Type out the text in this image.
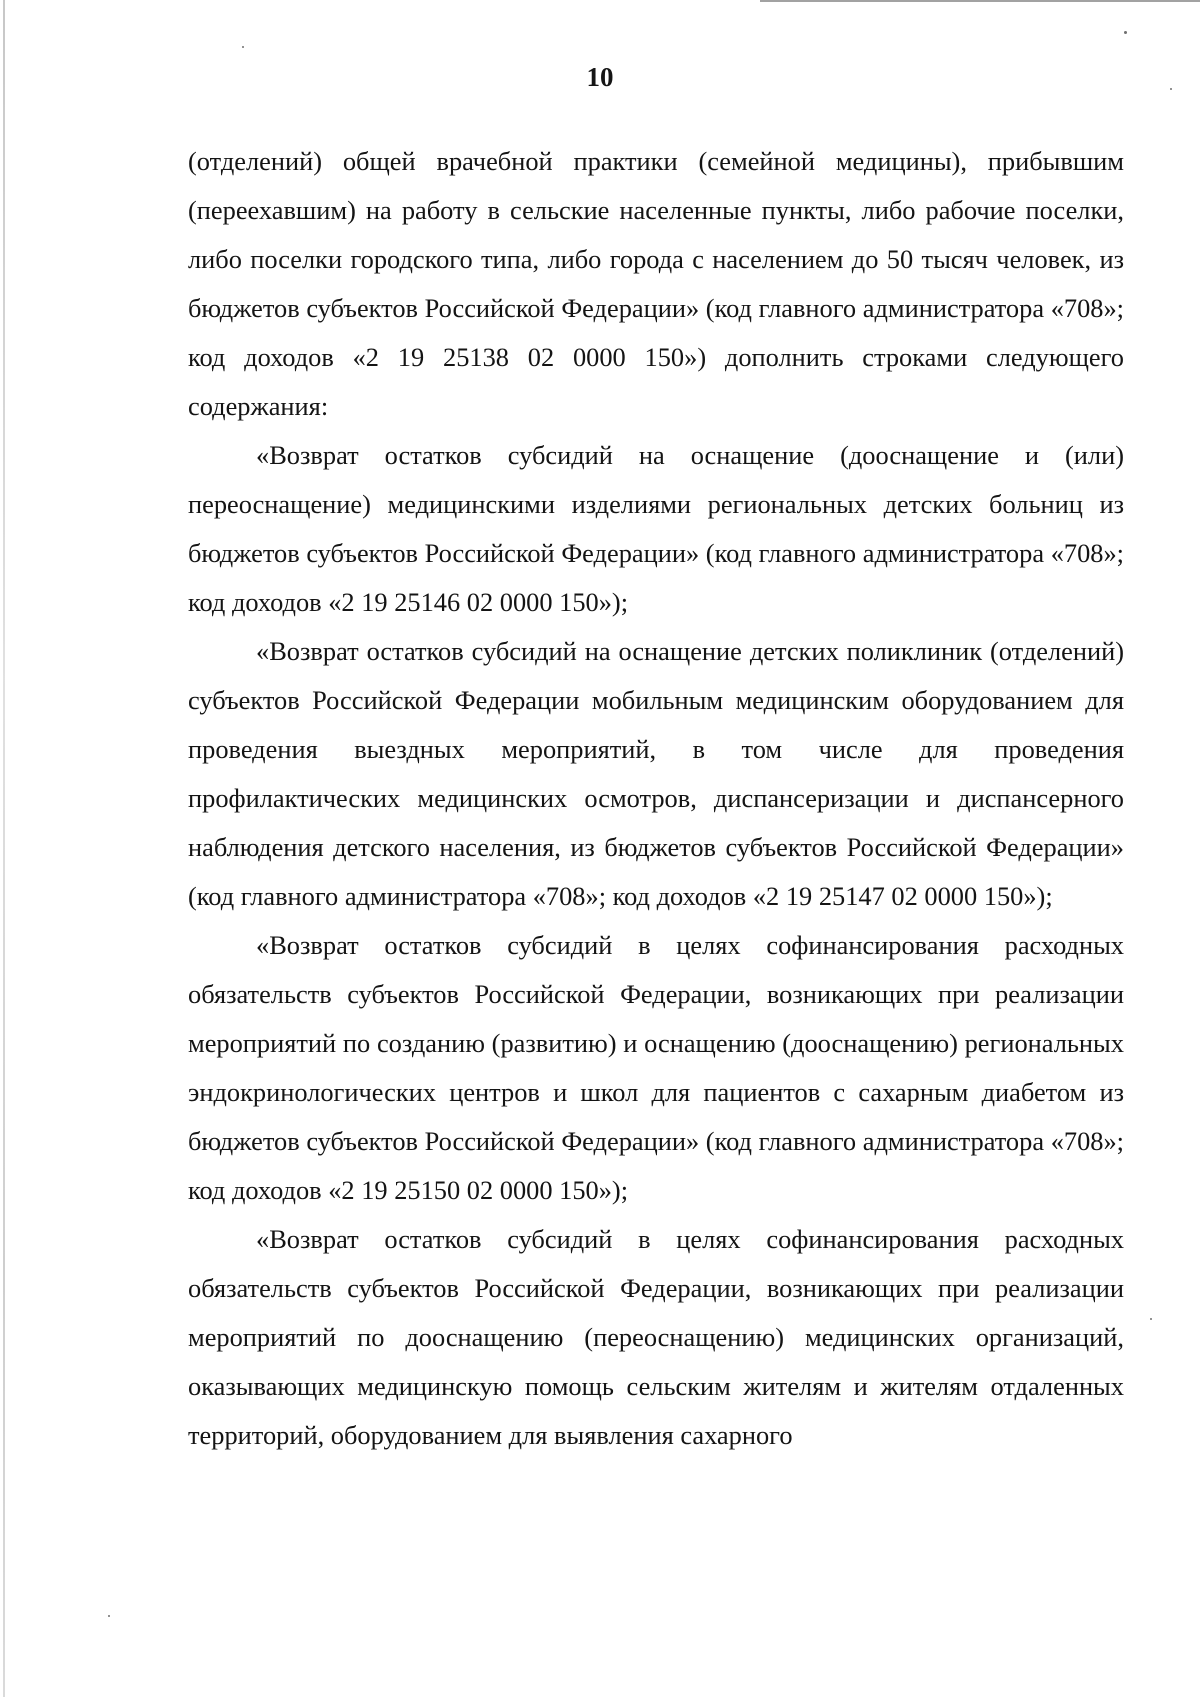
10

(отделений) общей врачебной практики (семейной медицины), прибывшим (переехавшим) на работу в сельские населенные пункты, либо рабочие поселки, либо поселки городского типа, либо города с населением до 50 тысяч человек, из бюджетов субъектов Российской Федерации» (код главного администратора «708»; код доходов «2 19 25138 02 0000 150») дополнить строками следующего содержания:

«Возврат остатков субсидий на оснащение (дооснащение и (или) переоснащение) медицинскими изделиями региональных детских больниц из бюджетов субъектов Российской Федерации» (код главного администратора «708»; код доходов «2 19 25146 02 0000 150»);

«Возврат остатков субсидий на оснащение детских поликлиник (отделений) субъектов Российской Федерации мобильным медицинским оборудованием для проведения выездных мероприятий, в том числе для проведения профилактических медицинских осмотров, диспансеризации и диспансерного наблюдения детского населения, из бюджетов субъектов Российской Федерации» (код главного администратора «708»; код доходов «2 19 25147 02 0000 150»);

«Возврат остатков субсидий в целях софинансирования расходных обязательств субъектов Российской Федерации, возникающих при реализации мероприятий по созданию (развитию) и оснащению (дооснащению) региональных эндокринологических центров и школ для пациентов с сахарным диабетом из бюджетов субъектов Российской Федерации» (код главного администратора «708»; код доходов «2 19 25150 02 0000 150»);

«Возврат остатков субсидий в целях софинансирования расходных обязательств субъектов Российской Федерации, возникающих при реализации мероприятий по дооснащению (переоснащению) медицинских организаций, оказывающих медицинскую помощь сельским жителям и жителям отдаленных территорий, оборудованием для выявления сахарного
